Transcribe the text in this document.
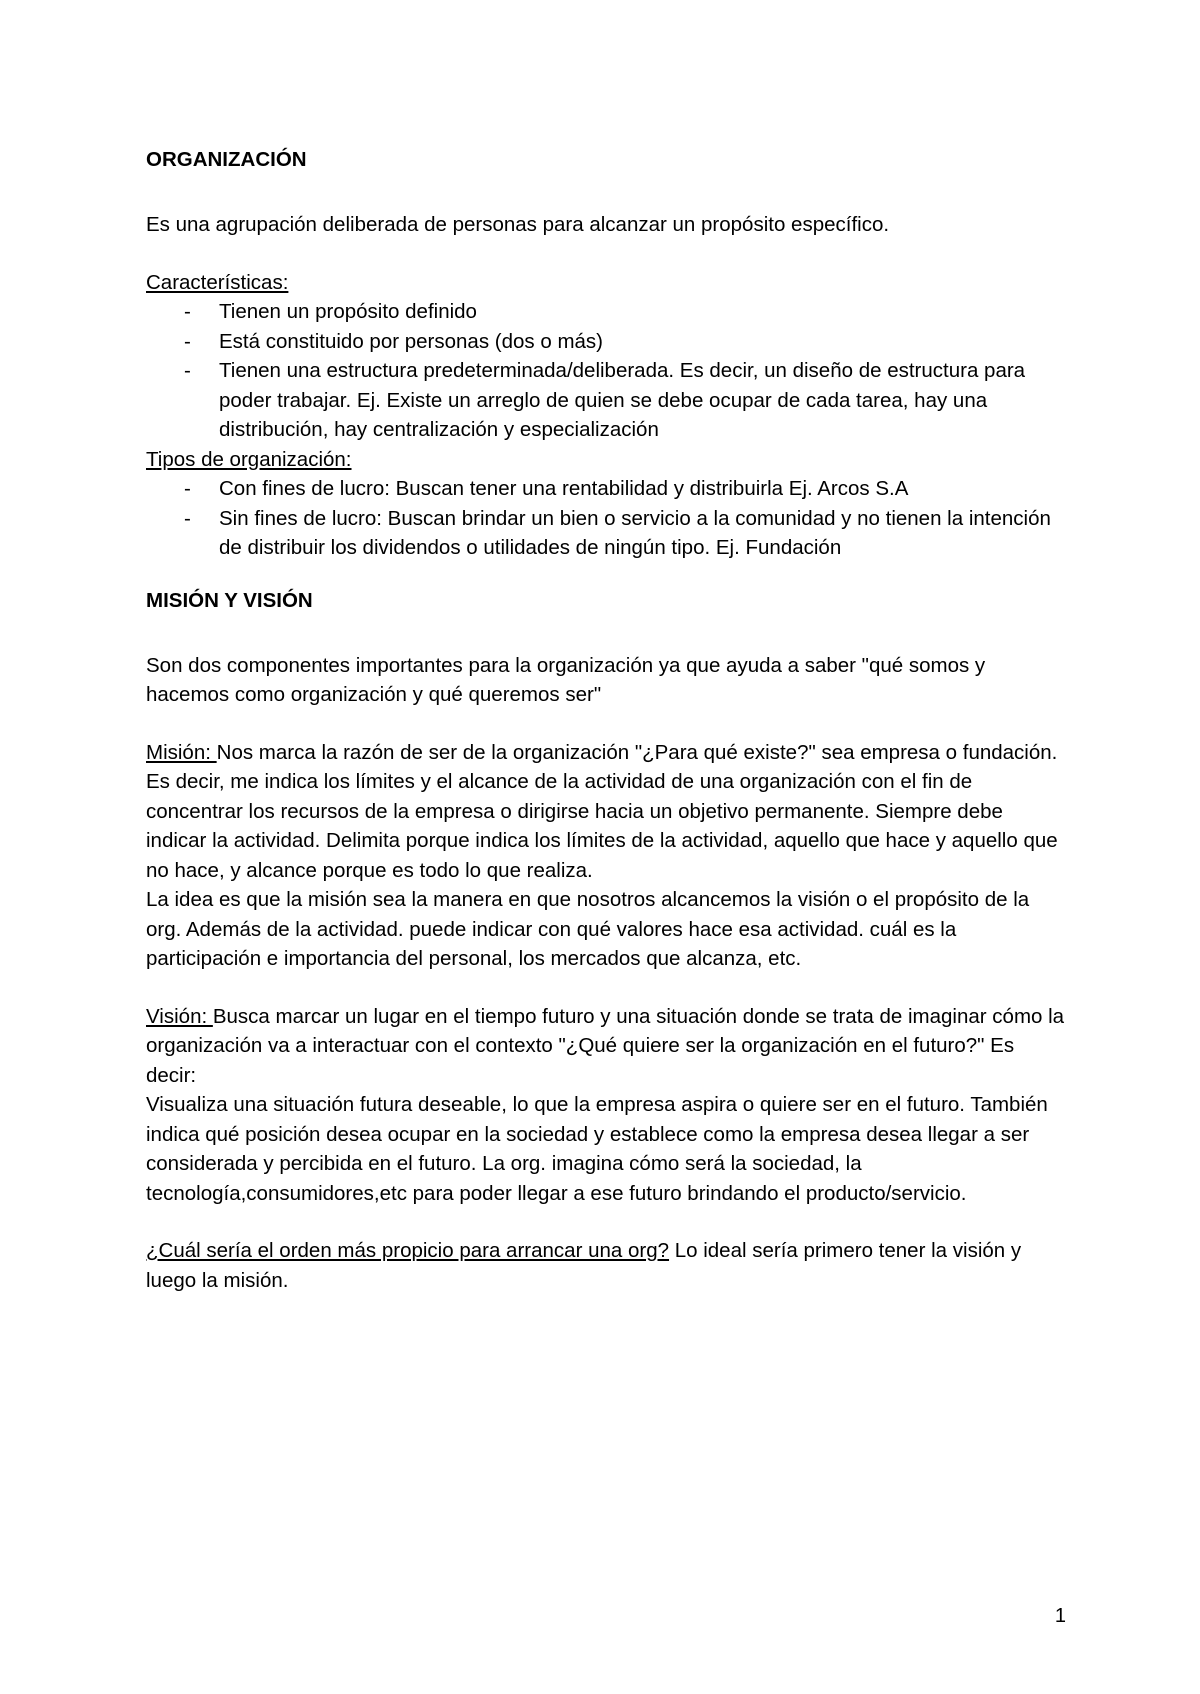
ORGANIZACIÓN

Es una agrupación deliberada de personas para alcanzar un propósito específico.

Características:

- Tienen un propósito definido
- Está constituido por personas (dos o más)
- Tienen una estructura predeterminada/deliberada. Es decir, un diseño de estructura para poder trabajar. Ej. Existe un arreglo de quien se debe ocupar de cada tarea, hay una distribución, hay centralización y especialización

Tipos de organización:

- Con fines de lucro: Buscan tener una rentabilidad y distribuirla Ej. Arcos S.A
- Sin fines de lucro: Buscan brindar un bien o servicio a la comunidad y no tienen la intención de distribuir los dividendos o utilidades de ningún tipo. Ej. Fundación
MISIÓN Y VISIÓN

Son dos componentes importantes para la organización ya que ayuda a saber "qué somos y hacemos como organización y qué queremos ser"

Misión: Nos marca la razón de ser de la organización "¿Para qué existe?" sea empresa o fundación. Es decir, me indica los límites y el alcance de la actividad de una organización con el fin de concentrar los recursos de la empresa o dirigirse hacia un objetivo permanente. Siempre debe indicar la actividad. Delimita porque indica los límites de la actividad, aquello que hace y aquello que no hace, y alcance porque es todo lo que realiza.

La idea es que la misión sea la manera en que nosotros alcancemos la visión o el propósito de la org. Además de la actividad. puede indicar con qué valores hace esa actividad. cuál es la participación e importancia del personal, los mercados que alcanza, etc.

Visión: Busca marcar un lugar en el tiempo futuro y una situación donde se trata de imaginar cómo la organización va a interactuar con el contexto "¿Qué quiere ser la organización en el futuro?" Es decir:

Visualiza una situación futura deseable, lo que la empresa aspira o quiere ser en el futuro. También indica qué posición desea ocupar en la sociedad y establece como la empresa desea llegar a ser considerada y percibida en el futuro. La org. imagina cómo será la sociedad, la tecnología,consumidores,etc para poder llegar a ese futuro brindando el producto/servicio.

¿Cuál sería el orden más propicio para arrancar una org? Lo ideal sería primero tener la visión y luego la misión.

1
